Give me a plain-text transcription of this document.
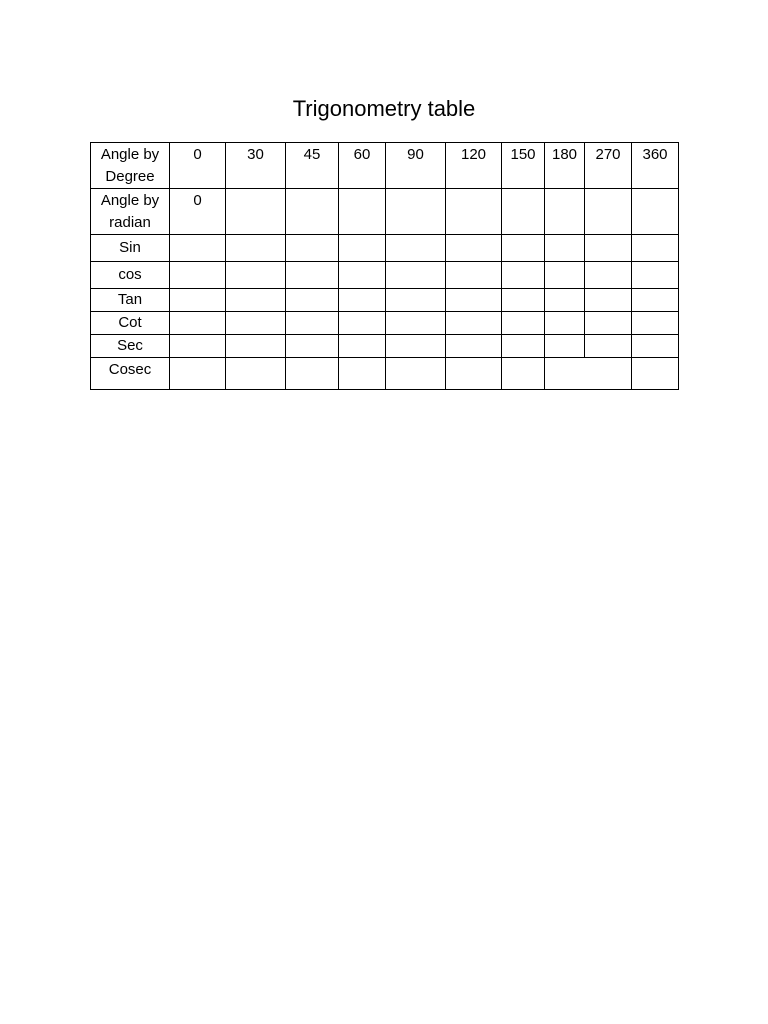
Trigonometry table
Angle by Degree	0	30	45	60	90	120	150	180	270	360
Angle by radian	0									
Sin										
cos										
Tan										
Cot										
Sec										
Cosec										
